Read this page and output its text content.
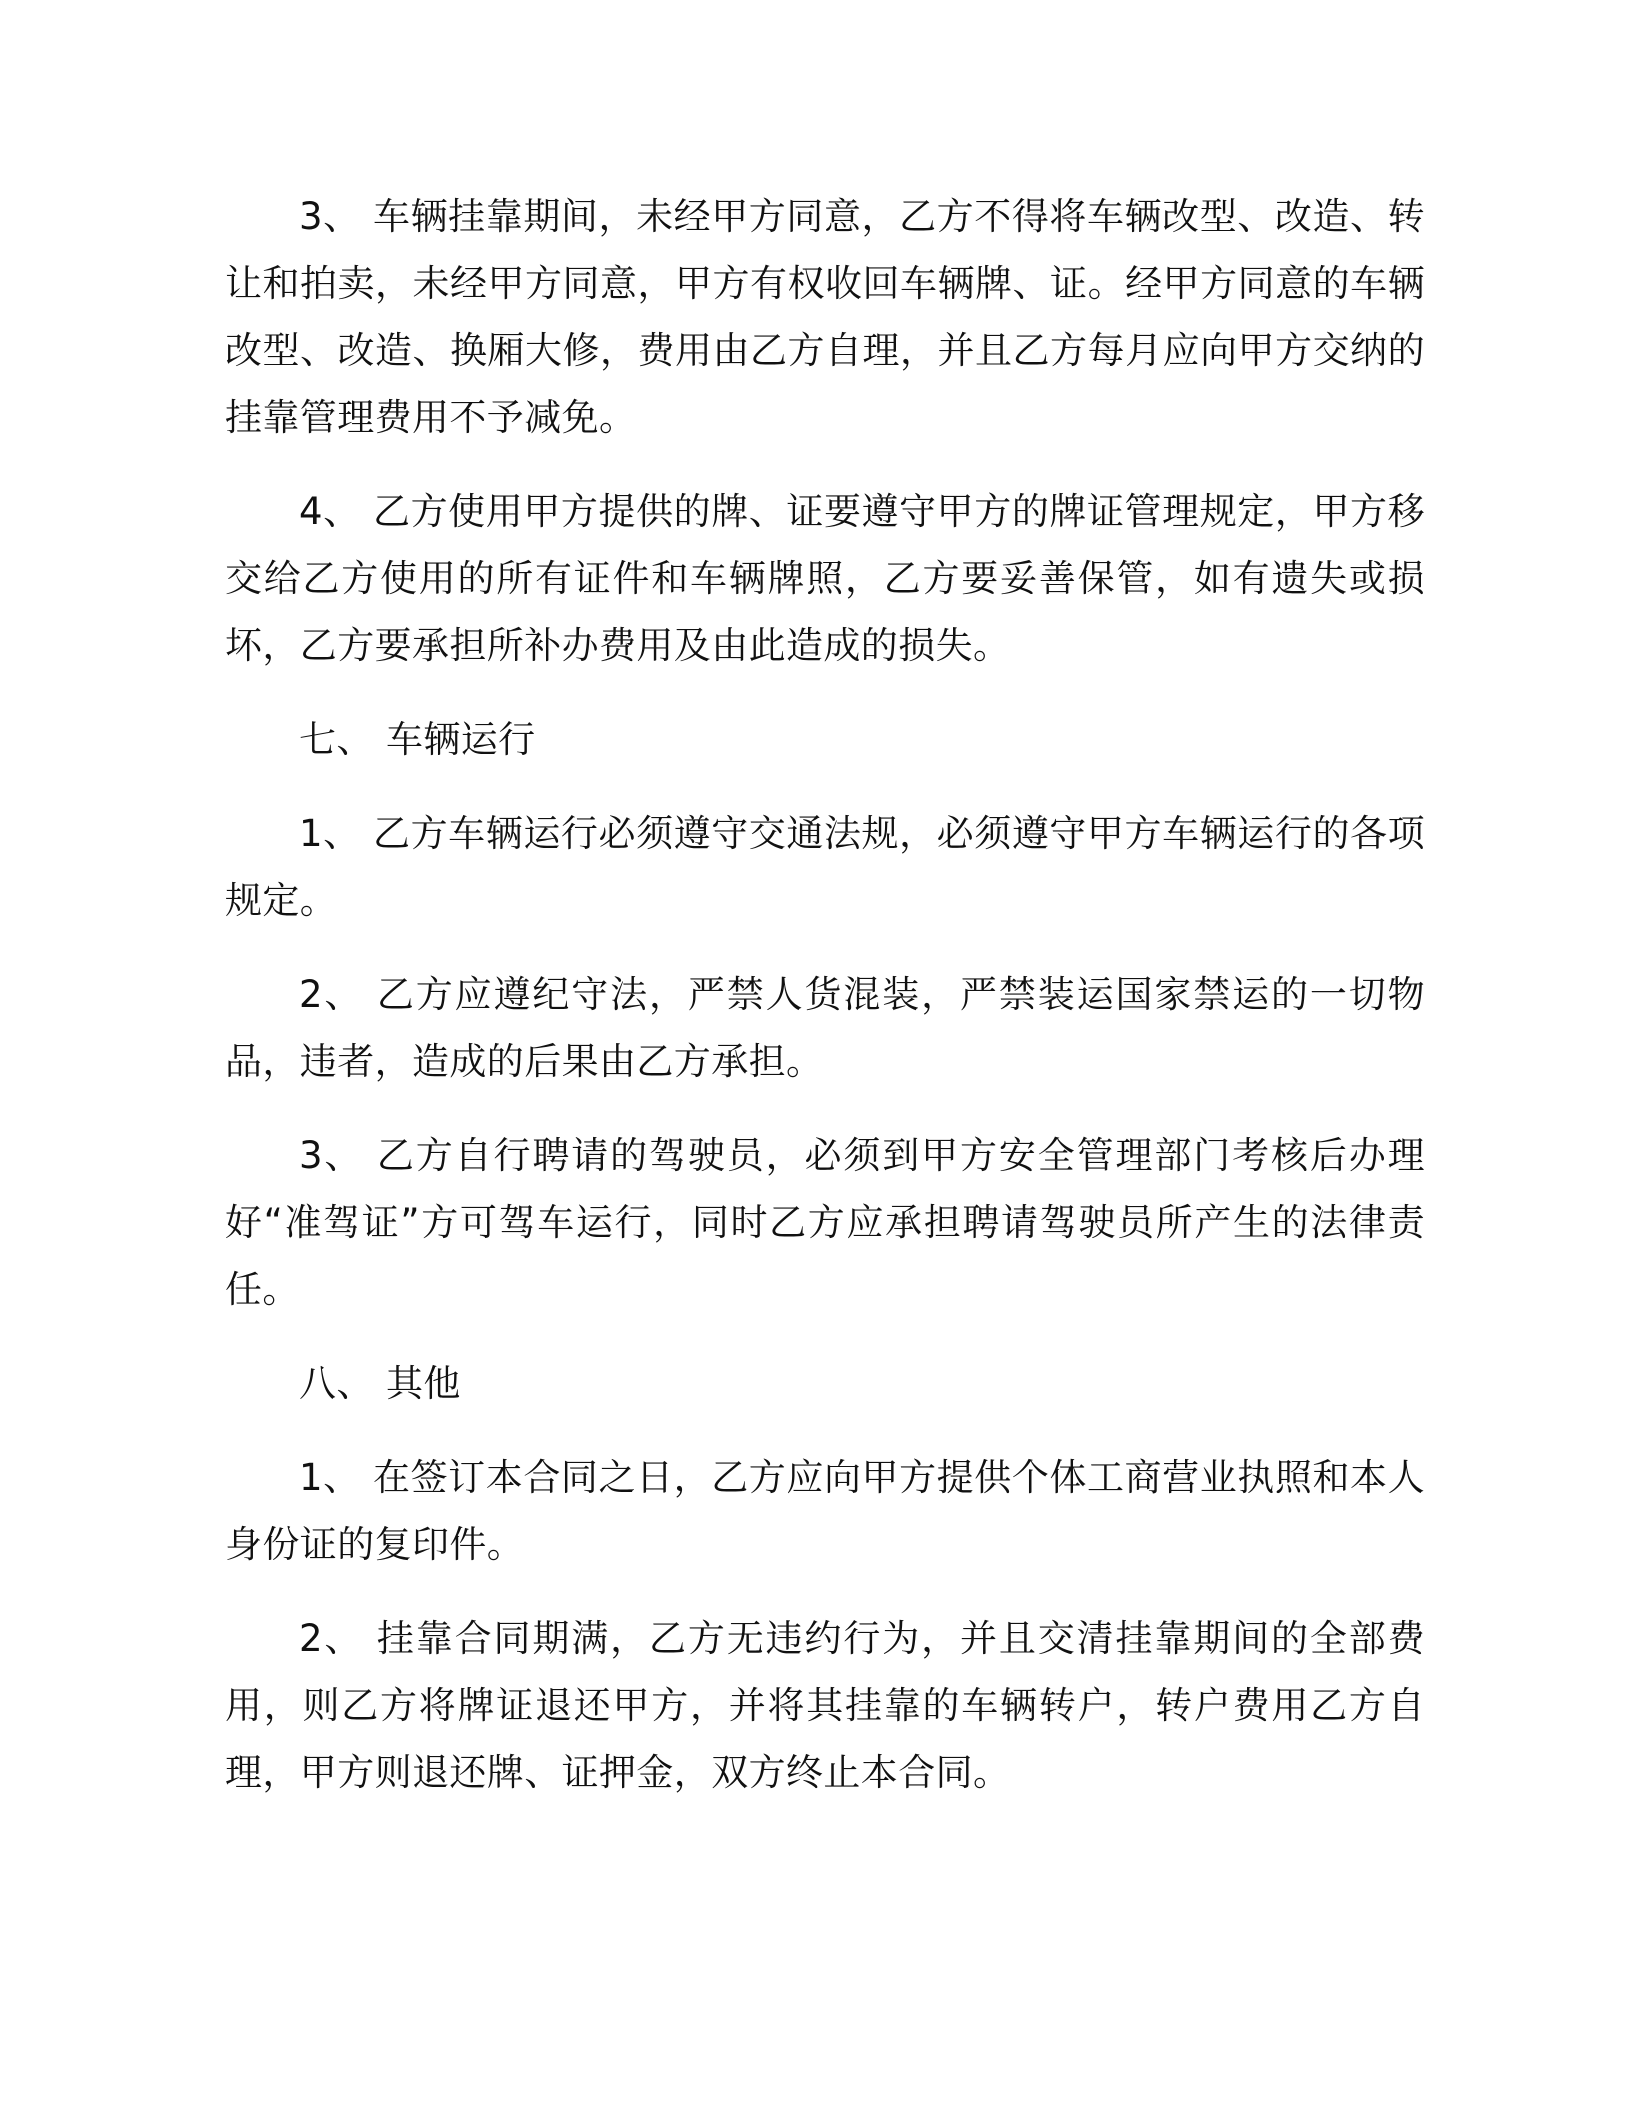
3、 车辆挂靠期间，未经甲方同意，乙方不得将车辆改型、改造、转让和拍卖，未经甲方同意，甲方有权收回车辆牌、证。经甲方同意的车辆改型、改造、换厢大修，费用由乙方自理，并且乙方每月应向甲方交纳的挂靠管理费用不予减免。

4、 乙方使用甲方提供的牌、证要遵守甲方的牌证管理规定，甲方移交给乙方使用的所有证件和车辆牌照，乙方要妥善保管，如有遗失或损坏，乙方要承担所补办费用及由此造成的损失。

七、 车辆运行

1、 乙方车辆运行必须遵守交通法规，必须遵守甲方车辆运行的各项规定。

2、 乙方应遵纪守法，严禁人货混装，严禁装运国家禁运的一切物品，违者，造成的后果由乙方承担。

3、 乙方自行聘请的驾驶员，必须到甲方安全管理部门考核后办理好“准驾证”方可驾车运行，同时乙方应承担聘请驾驶员所产生的法律责任。

八、 其他

1、 在签订本合同之日，乙方应向甲方提供个体工商营业执照和本人身份证的复印件。

2、 挂靠合同期满，乙方无违约行为，并且交清挂靠期间的全部费用，则乙方将牌证退还甲方，并将其挂靠的车辆转户，转户费用乙方自理，甲方则退还牌、证押金，双方终止本合同。
